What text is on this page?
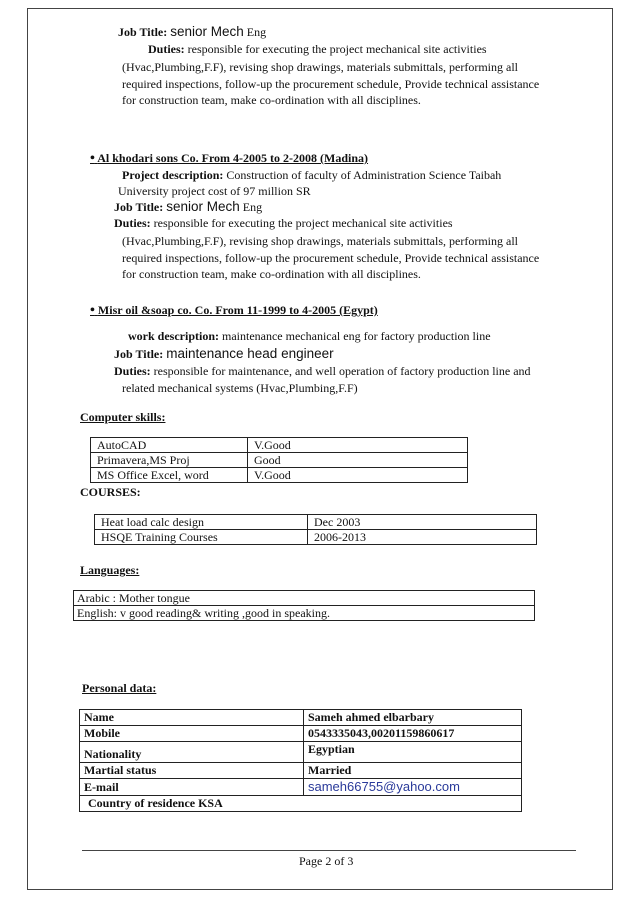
Job Title: senior Mech Eng
Duties: responsible for executing the project mechanical site activities
(Hvac,Plumbing,F.F), revising shop drawings, materials submittals, performing all
required inspections, follow-up the procurement schedule, Provide technical assistance
for construction team, make co-ordination with all disciplines.
• Al khodari sons Co. From 4-2005 to 2-2008 (Madina)
Project description: Construction of faculty of Administration Science Taibah
University project cost of 97 million SR
Job Title: senior Mech Eng
Duties: responsible for executing the project mechanical site activities
(Hvac,Plumbing,F.F), revising shop drawings, materials submittals, performing all
required inspections, follow-up the procurement schedule, Provide technical assistance
for construction team, make co-ordination with all disciplines.
• Misr oil &soap co. Co. From 11-1999 to 4-2005 (Egypt)
work description: maintenance mechanical eng for factory production line
Job Title: maintenance head engineer
Duties: responsible for maintenance, and well operation of factory production line and
related mechanical systems (Hvac,Plumbing,F.F)
Computer skills:
AutoCAD	V.Good
Primavera,MS Proj	Good
MS Office Excel, word	V.Good
COURSES:
Heat load calc design	Dec 2003
HSQE Training Courses	2006-2013
Languages:
Arabic : Mother tongue
English: v good reading& writing ,good in speaking.
Personal data:
Name	Sameh ahmed elbarbary
Mobile	0543335043,00201159860617
Nationality	Egyptian
Martial status	Married
E-mail	sameh66755@yahoo.com
Country of residence KSA	
Page 2 of 3
